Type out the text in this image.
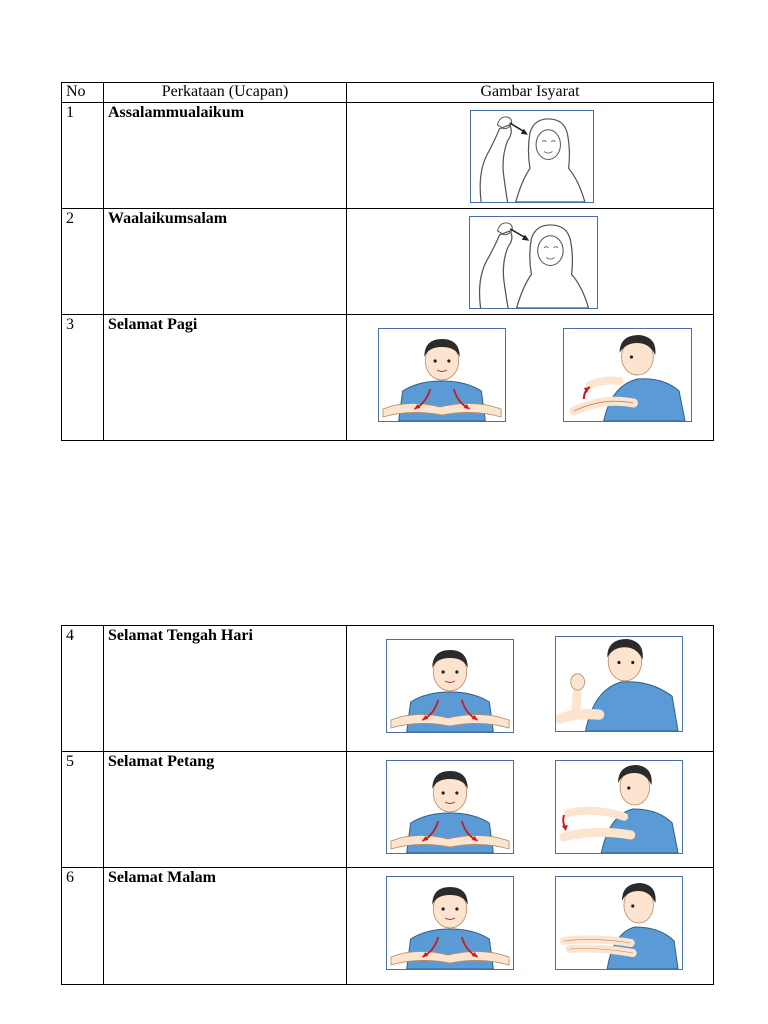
No	Perkataan (Ucapan)	Gambar Isyarat
1	Assalammualaikum	

2	Waalaikumsalam	

3	Selamat Pagi	
4	Selamat Tengah Hari	

5	Selamat Petang	

6	Selamat Malam	
